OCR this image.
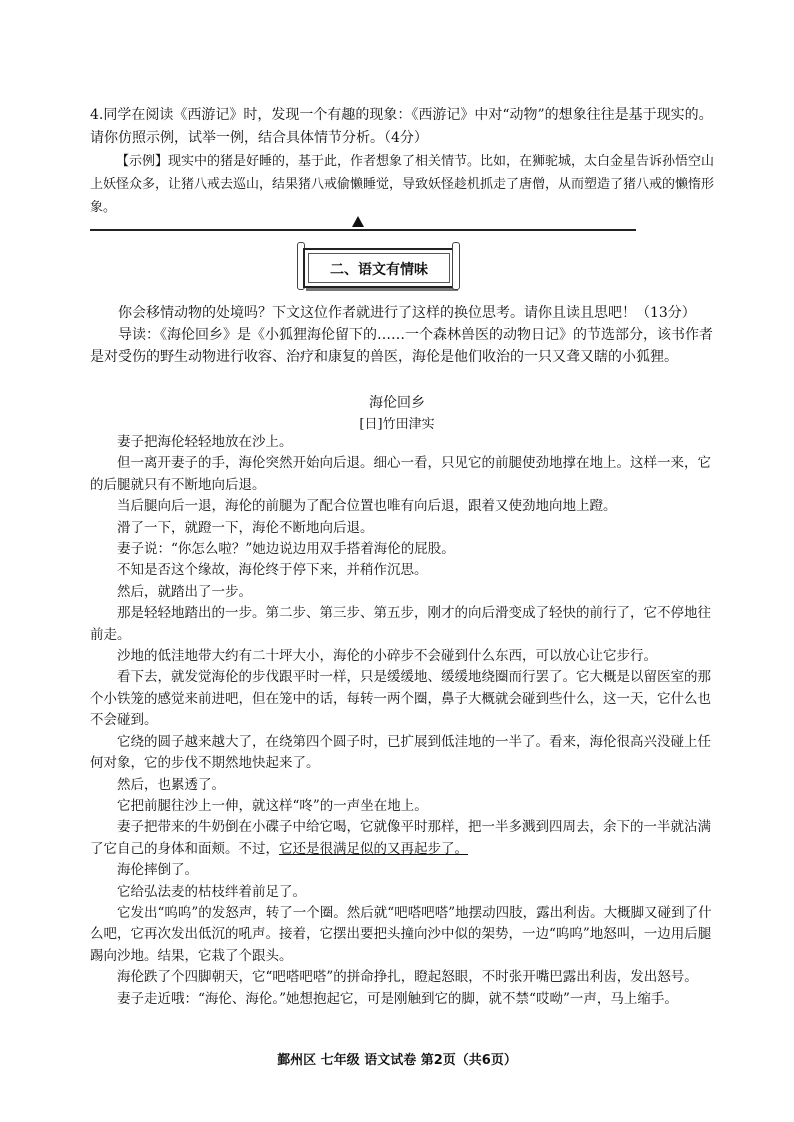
4.同学在阅读《西游记》时，发现一个有趣的现象：《西游记》中对“动物”的想象往往是基于现实的。请你仿照示例，试举一例，结合具体情节分析。（4分）

【示例】现实中的猪是好睡的，基于此，作者想象了相关情节。比如，在狮驼城，太白金星告诉孙悟空山上妖怪众多，让猪八戒去巡山，结果猪八戒偷懒睡觉，导致妖怪趁机抓走了唐僧，从而塑造了猪八戒的懒惰形象。

二、语文有情味

你会移情动物的处境吗？下文这位作者就进行了这样的换位思考。请你且读且思吧！（13分）

导读：《海伦回乡》是《小狐狸海伦留下的……一个森林兽医的动物日记》的节选部分，该书作者是对受伤的野生动物进行收容、治疗和康复的兽医，海伦是他们收治的一只又聋又瞎的小狐狸。

海伦回乡
[日]竹田津实

妻子把海伦轻轻地放在沙上。

但一离开妻子的手，海伦突然开始向后退。细心一看，只见它的前腿使劲地撑在地上。这样一来，它的后腿就只有不断地向后退。

当后腿向后一退，海伦的前腿为了配合位置也唯有向后退，跟着又使劲地向地上蹬。

滑了一下，就蹬一下，海伦不断地向后退。

妻子说：“你怎么啦？”她边说边用双手搭着海伦的屁股。

不知是否这个缘故，海伦终于停下来，并稍作沉思。

然后，就踏出了一步。

那是轻轻地踏出的一步。第二步、第三步、第五步，刚才的向后滑变成了轻快的前行了，它不停地往前走。

沙地的低洼地带大约有二十坪大小，海伦的小碎步不会碰到什么东西，可以放心让它步行。

看下去，就发觉海伦的步伐跟平时一样，只是缓缓地、缓缓地绕圈而行罢了。它大概是以留医室的那个小铁笼的感觉来前进吧，但在笼中的话，每转一两个圈，鼻子大概就会碰到些什么，这一天，它什么也不会碰到。

它绕的圆子越来越大了，在绕第四个圆子时，已扩展到低洼地的一半了。看来，海伦很高兴没碰上任何对象，它的步伐不期然地快起来了。

然后，也累透了。

它把前腿往沙上一伸，就这样“咚”的一声坐在地上。

妻子把带来的牛奶倒在小碟子中给它喝，它就像平时那样，把一半多溅到四周去，余下的一半就沾满了它自己的身体和面颊。不过，它还是很满足似的又再起步了。

海伦摔倒了。

它给弘法麦的枯枝绊着前足了。

它发出“呜呜”的发怒声，转了一个圈。然后就“吧嗒吧嗒”地摆动四肢，露出利齿。大概脚又碰到了什么吧，它再次发出低沉的吼声。接着，它摆出要把头撞向沙中似的架势，一边“呜呜”地怒叫，一边用后腿踢向沙地。结果，它栽了个跟头。

海伦跌了个四脚朝天，它“吧嗒吧嗒”的拼命挣扎，瞪起怒眼，不时张开嘴巴露出利齿，发出怒号。

妻子走近哦：“海伦、海伦。”她想抱起它，可是刚触到它的脚，就不禁“哎呦”一声，马上缩手。

鄞州区 七年级 语文试卷 第2页（共6页）
